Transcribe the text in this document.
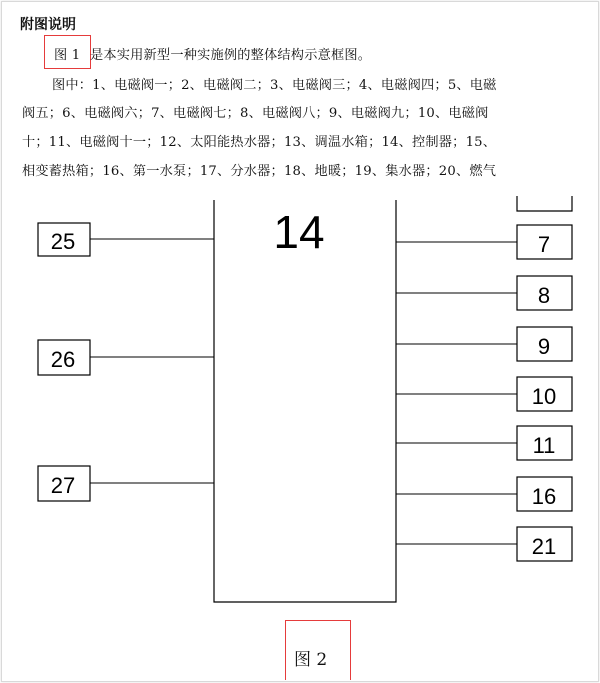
附图说明
图 1 是本实用新型一种实施例的整体结构示意框图。
图中：1、电磁阀一；2、电磁阀二；3、电磁阀三；4、电磁阀四；5、电磁
阀五；6、电磁阀六；7、电磁阀七；8、电磁阀八；9、电磁阀九；10、电磁阀
十；11、电磁阀十一；12、太阳能热水器；13、调温水箱；14、控制器；15、
相变蓄热箱；16、第一水泵；17、分水器；18、地暖；19、集水器；20、燃气
14
25
26
27
7
8
9
10
11
16
21
图 2
